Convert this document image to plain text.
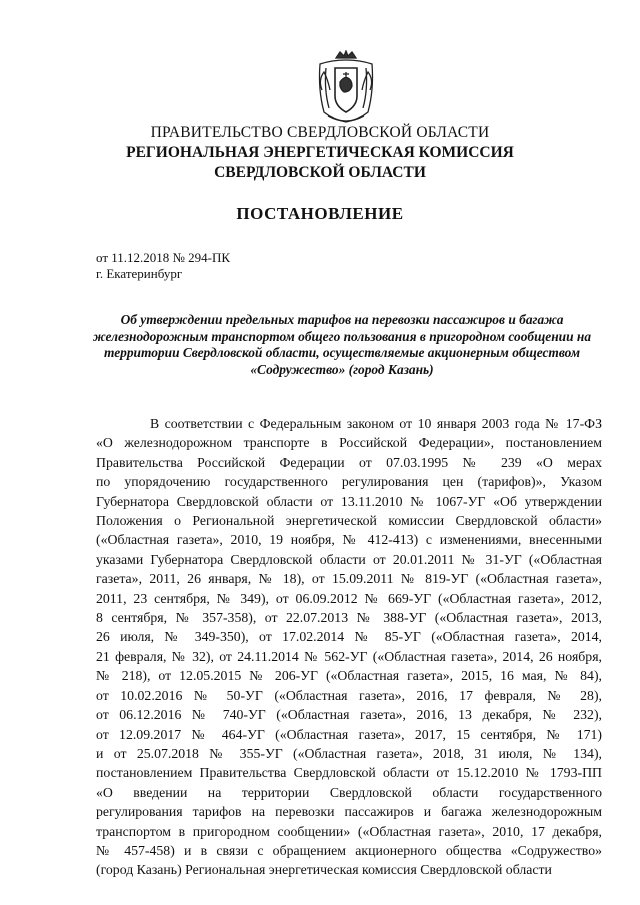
ПРАВИТЕЛЬСТВО СВЕРДЛОВСКОЙ ОБЛАСТИ
РЕГИОНАЛЬНАЯ ЭНЕРГЕТИЧЕСКАЯ КОМИССИЯ
СВЕРДЛОВСКОЙ ОБЛАСТИ
ПОСТАНОВЛЕНИЕ
от 11.12.2018 № 294-ПК
г. Екатеринбург
Об утверждении предельных тарифов на перевозки пассажиров и багажа железнодорожным транспортом общего пользования в пригородном сообщении на территории Свердловской области, осуществляемые акционерным обществом «Содружество» (город Казань)
В соответствии с Федеральным законом от 10 января 2003 года № 17-ФЗ
«О железнодорожном транспорте в Российской Федерации», постановлением
Правительства Российской Федерации от 07.03.1995 № 239 «О мерах
по упорядочению государственного регулирования цен (тарифов)», Указом
Губернатора Свердловской области от 13.11.2010 № 1067-УГ «Об утверждении
Положения о Региональной энергетической комиссии Свердловской области»
(«Областная газета», 2010, 19 ноября, № 412-413) с изменениями, внесенными
указами Губернатора Свердловской области от 20.01.2011 № 31-УГ («Областная
газета», 2011, 26 января, № 18), от 15.09.2011 № 819-УГ («Областная газета»,
2011, 23 сентября, № 349), от 06.09.2012 № 669-УГ («Областная газета», 2012,
8 сентября, № 357-358), от 22.07.2013 № 388-УГ («Областная газета», 2013,
26 июля, № 349-350), от 17.02.2014 № 85-УГ («Областная газета», 2014,
21 февраля, № 32), от 24.11.2014 № 562-УГ («Областная газета», 2014, 26 ноября,
№ 218), от 12.05.2015 № 206-УГ («Областная газета», 2015, 16 мая, № 84),
от 10.02.2016 № 50-УГ («Областная газета», 2016, 17 февраля, № 28),
от 06.12.2016 № 740-УГ («Областная газета», 2016, 13 декабря, № 232),
от 12.09.2017 № 464-УГ («Областная газета», 2017, 15 сентября, № 171)
и от 25.07.2018 № 355-УГ («Областная газета», 2018, 31 июля, № 134),
постановлением Правительства Свердловской области от 15.12.2010 № 1793-ПП
«О введении на территории Свердловской области государственного
регулирования тарифов на перевозки пассажиров и багажа железнодорожным
транспортом в пригородном сообщении» («Областная газета», 2010, 17 декабря,
№ 457-458) и в связи с обращением акционерного общества «Содружество»
(город Казань) Региональная энергетическая комиссия Свердловской области
